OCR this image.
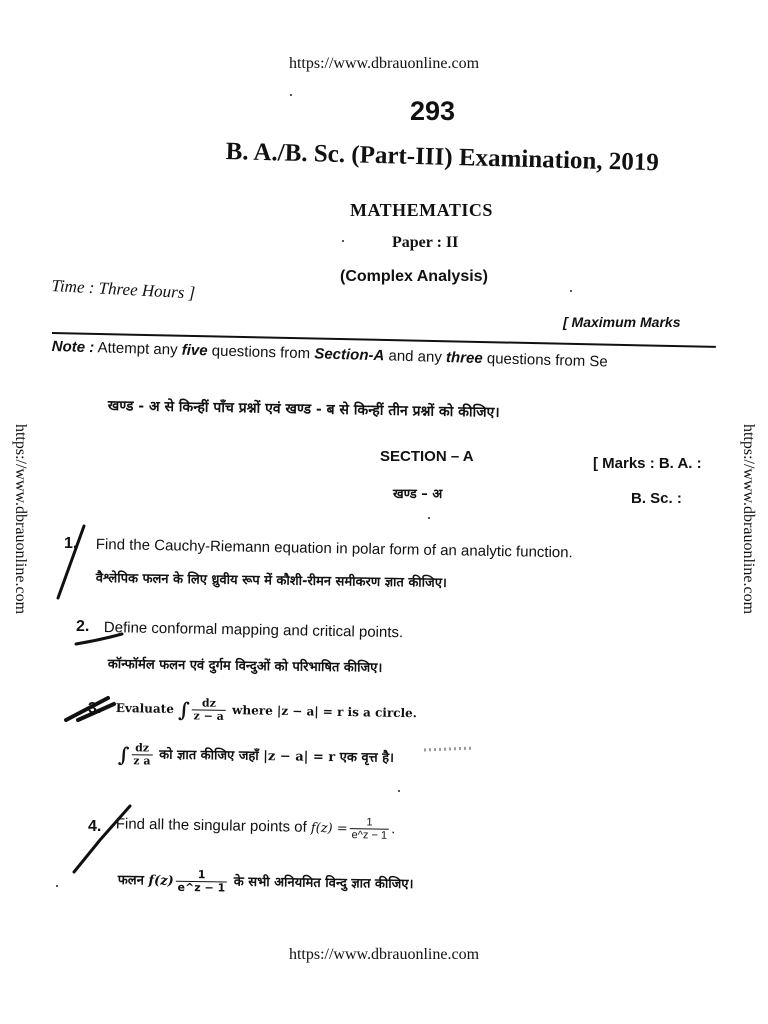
https://www.dbrauonline.com
https://www.dbrauonline.com
https://www.dbrauonline.com	https://www.dbrauonline.com
293
B. A./B. Sc. (Part-III) Examination, 2019
MATHEMATICS
Paper : II
(Complex Analysis)
Time : Three Hours ]
[ Maximum Marks
Note : Attempt any five questions from Section-A and any three questions from Se
खण्ड - अ से किन्हीं पाँच प्रश्नों एवं खण्ड - ब से किन्हीं तीन प्रश्नों को कीजिए।
SECTION – A
खण्ड – अ
[ Marks : B. A. :
B. Sc. :
1. Find the Cauchy-Riemann equation in polar form of an analytic function.
वैश्लेपिक फलन के लिए ध्रुवीय रूप में कौशी-रीमन समीकरण ज्ञात कीजिए।
2. Define conformal mapping and critical points.
कॉन्फॉर्मल फलन एवं दुर्गम विन्दुओं को परिभाषित कीजिए।
3. Evaluate ∫ $\frac{dz}{z - a}$ where |z − a| = r is a circle.
∫ $\frac{dz}{\text{z a}}$ को ज्ञात कीजिए जहाँ |z − a| = r एक वृत्त है।
4. Find all the singular points of $f(z) = \frac{1}{e\^{}z - 1}$ .
फलन $f(z) \frac{1}{e\^{}z - 1}$ के सभी अनियमित विन्दु ज्ञात कीजिए।
